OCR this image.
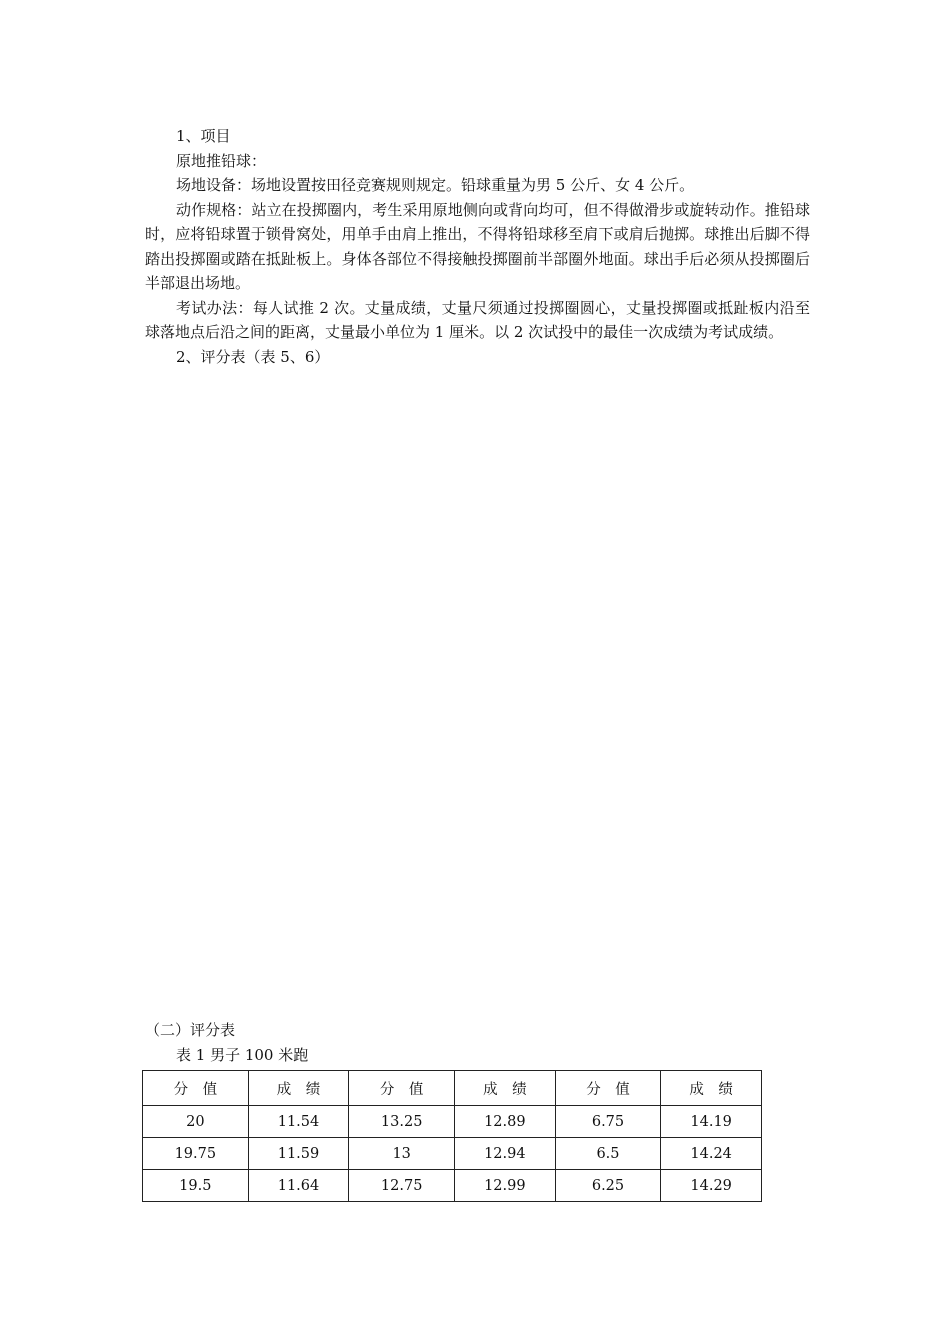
1、项目

原地推铅球：

场地设备：场地设置按田径竞赛规则规定。铅球重量为男 5 公斤、女 4 公斤。

动作规格：站立在投掷圈内，考生采用原地侧向或背向均可，但不得做滑步或旋转动作。推铅球时，应将铅球置于锁骨窝处，用单手由肩上推出，不得将铅球移至肩下或肩后抛掷。球推出后脚不得踏出投掷圈或踏在抵趾板上。身体各部位不得接触投掷圈前半部圈外地面。球出手后必须从投掷圈后半部退出场地。

考试办法：每人试推 2 次。丈量成绩，丈量尺须通过投掷圈圆心，丈量投掷圈或抵趾板内沿至球落地点后沿之间的距离，丈量最小单位为 1 厘米。以 2 次试投中的最佳一次成绩为考试成绩。

2、评分表（表 5、6）

（二）评分表
表 1 男子 100 米跑
分　值	成　绩	分　值	成　绩	分　值	成　绩
20	11.54	13.25	12.89	6.75	14.19
19.75	11.59	13	12.94	6.5	14.24
19.5	11.64	12.75	12.99	6.25	14.29
